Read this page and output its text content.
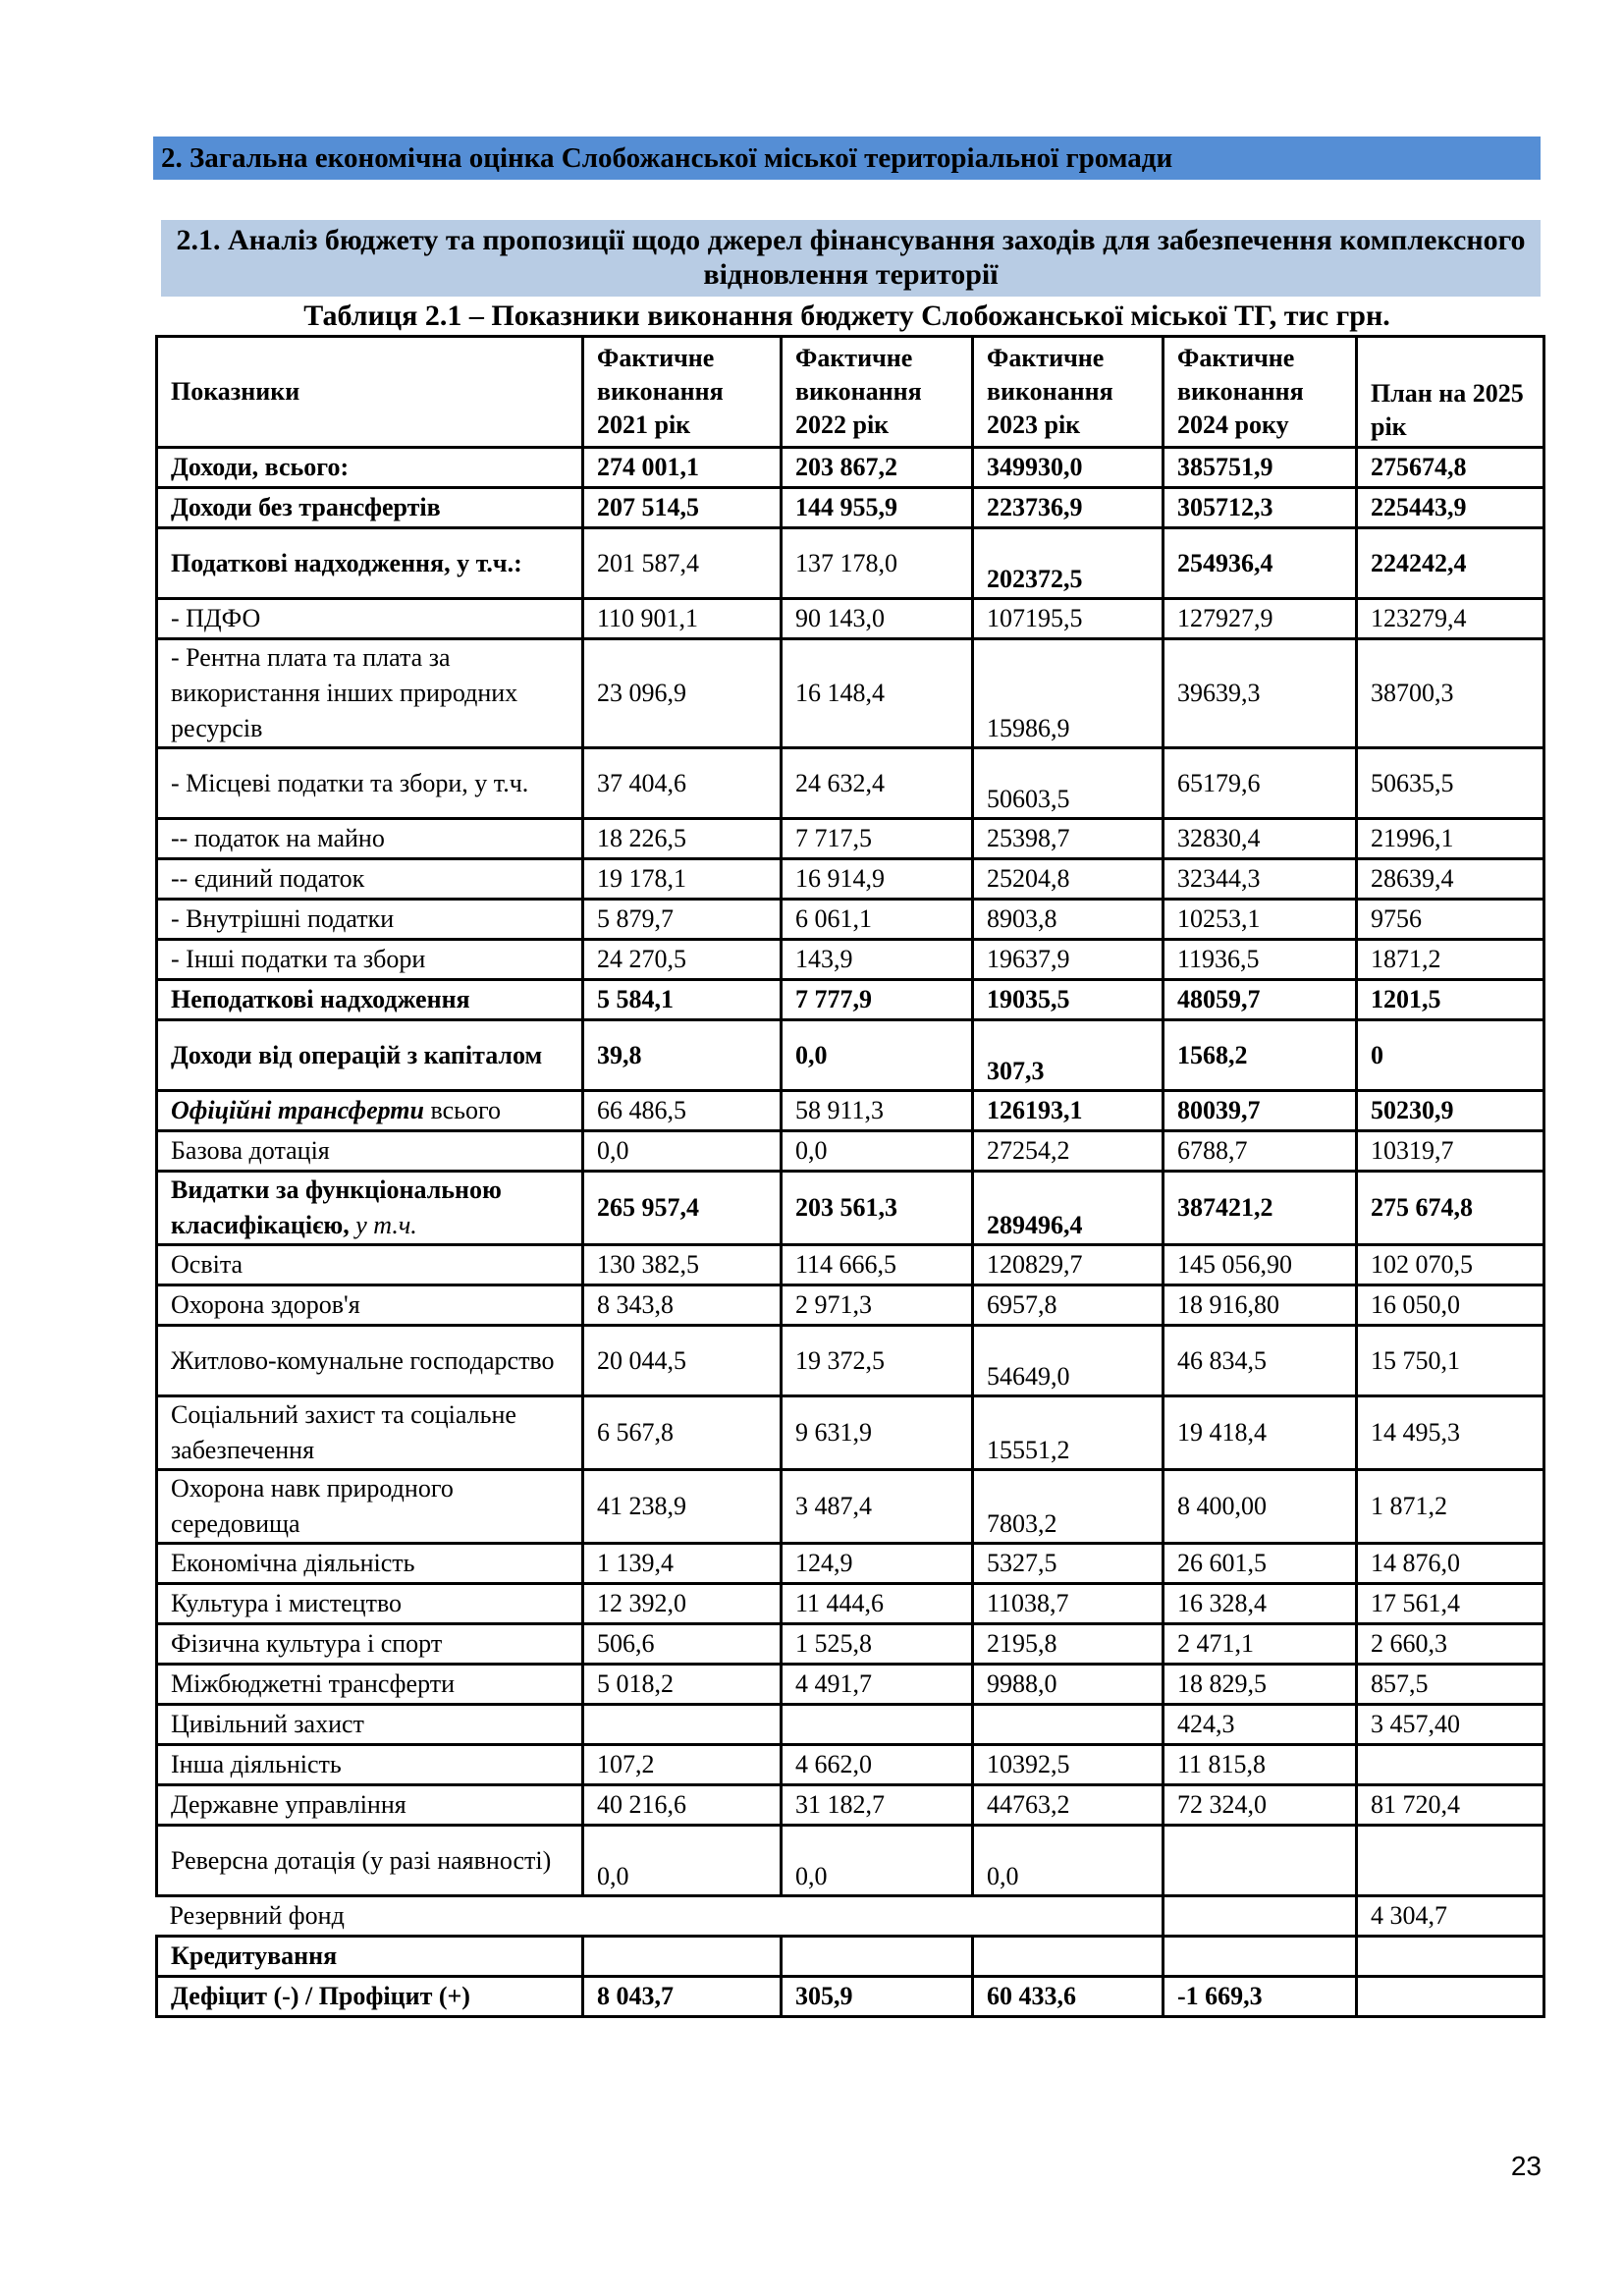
2. Загальна економічна оцінка Слобожанської міської територіальної громади
2.1. Аналіз бюджету та пропозиції щодо джерел фінансування заходів для забезпечення комплексного відновлення території
Таблиця 2.1 – Показники виконання бюджету Слобожанської міської ТГ, тис грн.
Показники	Фактичне виконання 2021 рік	Фактичне виконання 2022 рік	Фактичне виконання 2023 рік	Фактичне виконання 2024 року	План на 2025 рік
Доходи, всього:	274 001,1	203 867,2	349930,0	385751,9	275674,8
Доходи без трансфертів	207 514,5	144 955,9	223736,9	305712,3	225443,9
Податкові надходження, у т.ч.:	201 587,4	137 178,0	202372,5	254936,4	224242,4
- ПДФО	110 901,1	90 143,0	107195,5	127927,9	123279,4
- Рентна плата та плата за використання інших природних ресурсів	23 096,9	16 148,4	15986,9	39639,3	38700,3
- Місцеві податки та збори, у т.ч.	37 404,6	24 632,4	50603,5	65179,6	50635,5
-- податок на майно	18 226,5	7 717,5	25398,7	32830,4	21996,1
-- єдиний податок	19 178,1	16 914,9	25204,8	32344,3	28639,4
- Внутрішні податки	5 879,7	6 061,1	8903,8	10253,1	9756
- Інші податки та збори	24 270,5	143,9	19637,9	11936,5	1871,2
Неподаткові надходження	5 584,1	7 777,9	19035,5	48059,7	1201,5
Доходи від операцій з капіталом	39,8	0,0	307,3	1568,2	0
Офіційні трансферти всього	66 486,5	58 911,3	126193,1	80039,7	50230,9
Базова дотація	0,0	0,0	27254,2	6788,7	10319,7
Видатки за функціональною класифікацією, у т.ч.	265 957,4	203 561,3	289496,4	387421,2	275 674,8
Освіта	130 382,5	114 666,5	120829,7	145 056,90	102 070,5
Охорона здоров'я	8 343,8	2 971,3	6957,8	18 916,80	16 050,0
Житлово-комунальне господарство	20 044,5	19 372,5	54649,0	46 834,5	15 750,1
Соціальний захист та соціальне забезпечення	6 567,8	9 631,9	15551,2	19 418,4	14 495,3
Охорона навк природного середовища	41 238,9	3 487,4	7803,2	8 400,00	1 871,2
Економічна діяльність	1 139,4	124,9	5327,5	26 601,5	14 876,0
Культура і мистецтво	12 392,0	11 444,6	11038,7	16 328,4	17 561,4
Фізична культура і спорт	506,6	1 525,8	2195,8	2 471,1	2 660,3
Міжбюджетні трансферти	5 018,2	4 491,7	9988,0	18 829,5	857,5
Цивільний захист				424,3	3 457,40
Інша діяльність	107,2	4 662,0	10392,5	11 815,8	
Державне управління	40 216,6	31 182,7	44763,2	72 324,0	81 720,4
Реверсна дотація (у разі наявності)	0,0	0,0	0,0		
Резервний фонд					4 304,7
Кредитування					
Дефіцит (-) / Профіцит (+)	8 043,7	305,9	60 433,6	-1 669,3	
23
